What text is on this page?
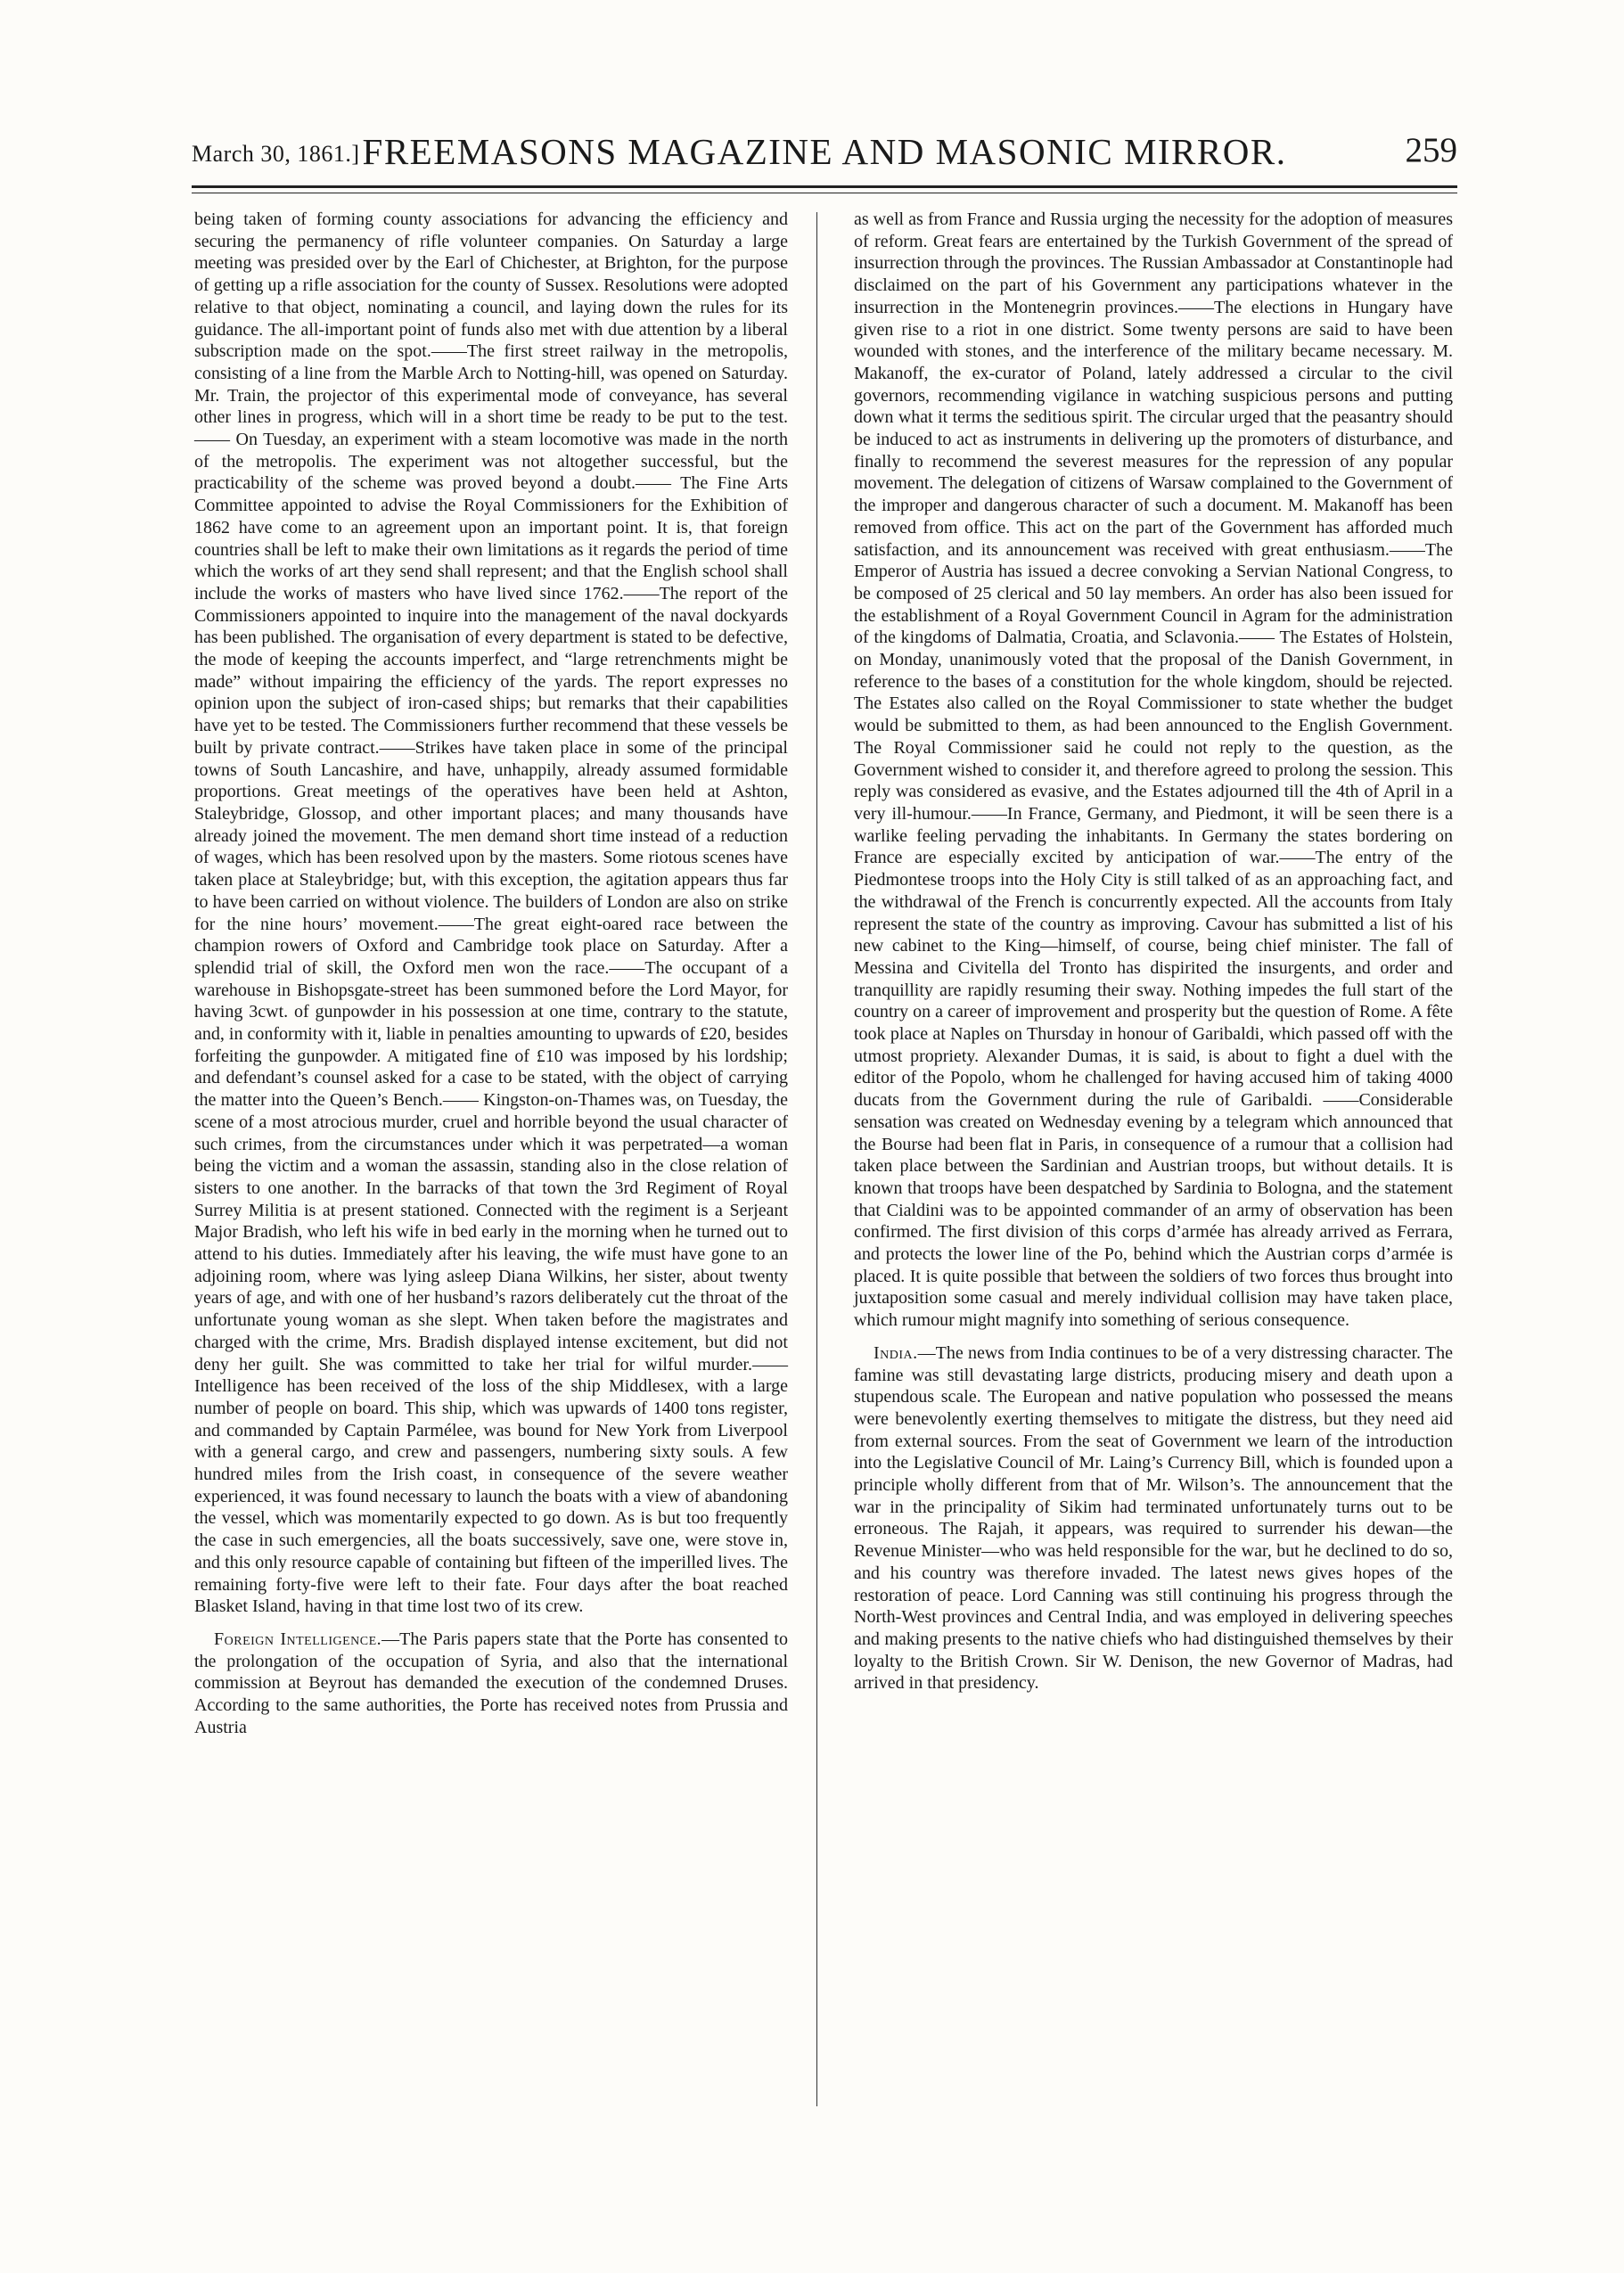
March 30, 1861.] FREEMASONS MAGAZINE AND MASONIC MIRROR.	259

being taken of forming county associations for advancing the efficiency and securing the permanency of rifle volunteer companies. On Saturday a large meeting was presided over by the Earl of Chichester, at Brighton, for the purpose of getting up a rifle association for the county of Sussex. Resolutions were adopted relative to that object, nominating a council, and laying down the rules for its guidance. The all-important point of funds also met with due attention by a liberal subscription made on the spot.——The first street railway in the metropolis, consisting of a line from the Marble Arch to Notting-hill, was opened on Saturday. Mr. Train, the projector of this experimental mode of conveyance, has several other lines in progress, which will in a short time be ready to be put to the test. —— On Tuesday, an experiment with a steam locomotive was made in the north of the metropolis. The experiment was not altogether successful, but the practicability of the scheme was proved beyond a doubt.—— The Fine Arts Committee appointed to advise the Royal Commissioners for the Exhibition of 1862 have come to an agreement upon an important point. It is, that foreign countries shall be left to make their own limitations as it regards the period of time which the works of art they send shall represent; and that the English school shall include the works of masters who have lived since 1762.——The report of the Commissioners appointed to inquire into the management of the naval dockyards has been published. The organisation of every department is stated to be defective, the mode of keeping the accounts imperfect, and “large retrenchments might be made” without impairing the efficiency of the yards. The report expresses no opinion upon the subject of iron-cased ships; but remarks that their capabilities have yet to be tested. The Commissioners further recommend that these vessels be built by private contract.——Strikes have taken place in some of the principal towns of South Lancashire, and have, unhappily, already assumed formidable proportions. Great meetings of the operatives have been held at Ashton, Staleybridge, Glossop, and other important places; and many thousands have already joined the movement. The men demand short time instead of a reduction of wages, which has been resolved upon by the masters. Some riotous scenes have taken place at Staleybridge; but, with this exception, the agitation appears thus far to have been carried on without violence. The builders of London are also on strike for the nine hours’ movement.——The great eight-oared race between the champion rowers of Oxford and Cambridge took place on Saturday. After a splendid trial of skill, the Oxford men won the race.——The occupant of a warehouse in Bishopsgate-street has been summoned before the Lord Mayor, for having 3cwt. of gunpowder in his possession at one time, contrary to the statute, and, in conformity with it, liable in penalties amounting to upwards of £20, besides forfeiting the gunpowder. A mitigated fine of £10 was imposed by his lordship; and defendant’s counsel asked for a case to be stated, with the object of carrying the matter into the Queen’s Bench.—— Kingston-on-Thames was, on Tuesday, the scene of a most atrocious murder, cruel and horrible beyond the usual character of such crimes, from the circumstances under which it was perpetrated—a woman being the victim and a woman the assassin, standing also in the close relation of sisters to one another. In the barracks of that town the 3rd Regiment of Royal Surrey Militia is at present stationed. Connected with the regiment is a Serjeant Major Bradish, who left his wife in bed early in the morning when he turned out to attend to his duties. Immediately after his leaving, the wife must have gone to an adjoining room, where was lying asleep Diana Wilkins, her sister, about twenty years of age, and with one of her husband’s razors deliberately cut the throat of the unfortunate young woman as she slept. When taken before the magistrates and charged with the crime, Mrs. Bradish displayed intense excitement, but did not deny her guilt. She was committed to take her trial for wilful murder.——Intelligence has been received of the loss of the ship Middlesex, with a large number of people on board. This ship, which was upwards of 1400 tons register, and commanded by Captain Parmélee, was bound for New York from Liverpool with a general cargo, and crew and passengers, numbering sixty souls. A few hundred miles from the Irish coast, in consequence of the severe weather experienced, it was found necessary to launch the boats with a view of abandoning the vessel, which was momentarily expected to go down. As is but too frequently the case in such emergencies, all the boats successively, save one, were stove in, and this only resource capable of containing but fifteen of the imperilled lives. The remaining forty-five were left to their fate. Four days after the boat reached Blasket Island, having in that time lost two of its crew.

Foreign Intelligence.—The Paris papers state that the Porte has consented to the prolongation of the occupation of Syria, and also that the international commission at Beyrout has demanded the execution of the condemned Druses. According to the same authorities, the Porte has received notes from Prussia and Austria

as well as from France and Russia urging the necessity for the adoption of measures of reform. Great fears are entertained by the Turkish Government of the spread of insurrection through the provinces. The Russian Ambassador at Constantinople had disclaimed on the part of his Government any participations whatever in the insurrection in the Montenegrin provinces.——The elections in Hungary have given rise to a riot in one district. Some twenty persons are said to have been wounded with stones, and the interference of the military became necessary. M. Makanoff, the ex-curator of Poland, lately addressed a circular to the civil governors, recommending vigilance in watching suspicious persons and putting down what it terms the seditious spirit. The circular urged that the peasantry should be induced to act as instruments in delivering up the promoters of disturbance, and finally to recommend the severest measures for the repression of any popular movement. The delegation of citizens of Warsaw complained to the Government of the improper and dangerous character of such a document. M. Makanoff has been removed from office. This act on the part of the Government has afforded much satisfaction, and its announcement was received with great enthusiasm.——The Emperor of Austria has issued a decree convoking a Servian National Congress, to be composed of 25 clerical and 50 lay members. An order has also been issued for the establishment of a Royal Government Council in Agram for the administration of the kingdoms of Dalmatia, Croatia, and Sclavonia.—— The Estates of Holstein, on Monday, unanimously voted that the proposal of the Danish Government, in reference to the bases of a constitution for the whole kingdom, should be rejected. The Estates also called on the Royal Commissioner to state whether the budget would be submitted to them, as had been announced to the English Government. The Royal Commissioner said he could not reply to the question, as the Government wished to consider it, and therefore agreed to prolong the session. This reply was considered as evasive, and the Estates adjourned till the 4th of April in a very ill-humour.——In France, Germany, and Piedmont, it will be seen there is a warlike feeling pervading the inhabitants. In Germany the states bordering on France are especially excited by anticipation of war.——The entry of the Piedmontese troops into the Holy City is still talked of as an approaching fact, and the withdrawal of the French is concurrently expected. All the accounts from Italy represent the state of the country as improving. Cavour has submitted a list of his new cabinet to the King—himself, of course, being chief minister. The fall of Messina and Civitella del Tronto has dispirited the insurgents, and order and tranquillity are rapidly resuming their sway. Nothing impedes the full start of the country on a career of improvement and prosperity but the question of Rome. A fête took place at Naples on Thursday in honour of Garibaldi, which passed off with the utmost propriety. Alexander Dumas, it is said, is about to fight a duel with the editor of the Popolo, whom he challenged for having accused him of taking 4000 ducats from the Government during the rule of Garibaldi. ——Considerable sensation was created on Wednesday evening by a telegram which announced that the Bourse had been flat in Paris, in consequence of a rumour that a collision had taken place between the Sardinian and Austrian troops, but without details. It is known that troops have been despatched by Sardinia to Bologna, and the statement that Cialdini was to be appointed commander of an army of observation has been confirmed. The first division of this corps d’armée has already arrived as Ferrara, and protects the lower line of the Po, behind which the Austrian corps d’armée is placed. It is quite possible that between the soldiers of two forces thus brought into juxtaposition some casual and merely individual collision may have taken place, which rumour might magnify into something of serious consequence.

India.—The news from India continues to be of a very distressing character. The famine was still devastating large districts, producing misery and death upon a stupendous scale. The European and native population who possessed the means were benevolently exerting themselves to mitigate the distress, but they need aid from external sources. From the seat of Government we learn of the introduction into the Legislative Council of Mr. Laing’s Currency Bill, which is founded upon a principle wholly different from that of Mr. Wilson’s. The announcement that the war in the principality of Sikim had terminated unfortunately turns out to be erroneous. The Rajah, it appears, was required to surrender his dewan—the Revenue Minister—who was held responsible for the war, but he declined to do so, and his country was therefore invaded. The latest news gives hopes of the restoration of peace. Lord Canning was still continuing his progress through the North-West provinces and Central India, and was employed in delivering speeches and making presents to the native chiefs who had distinguished themselves by their loyalty to the British Crown. Sir W. Denison, the new Governor of Madras, had arrived in that presidency.
